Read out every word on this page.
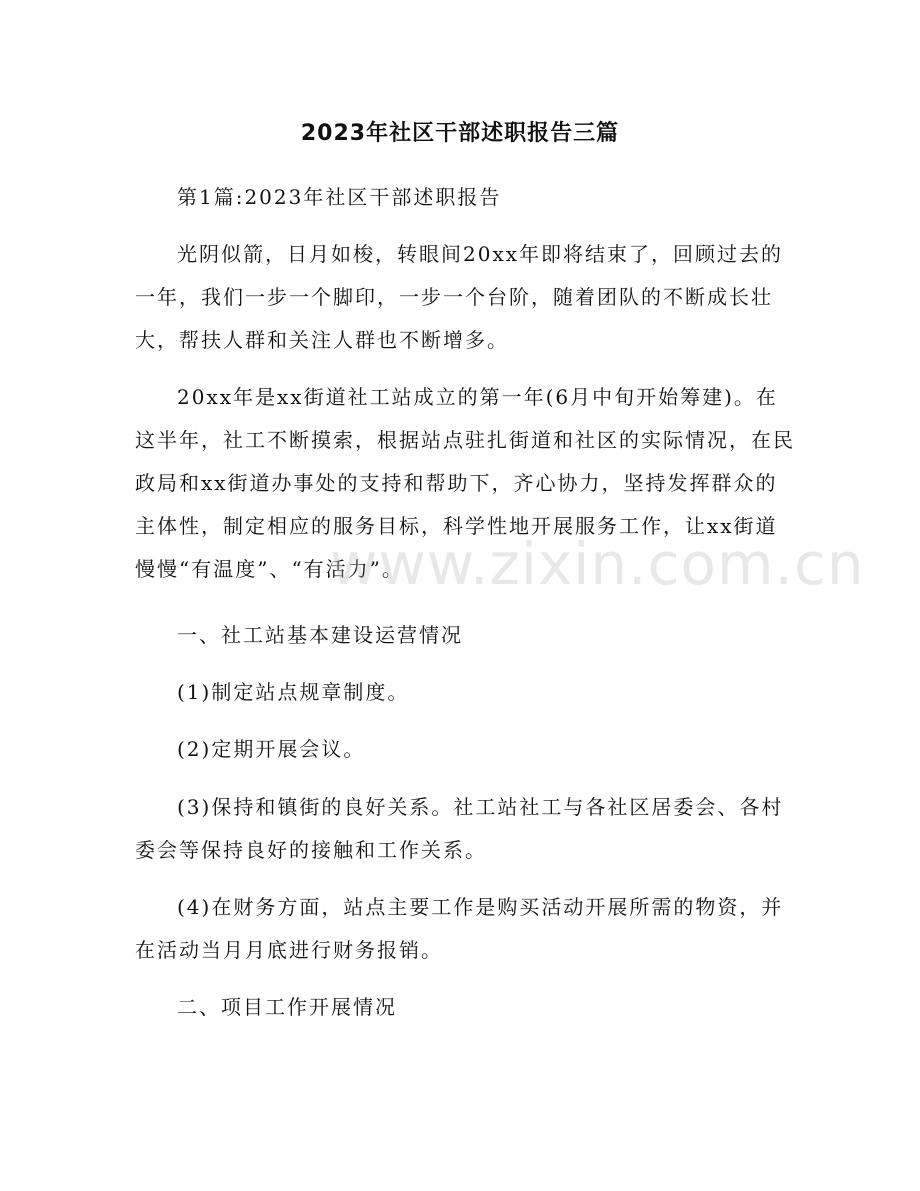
2023年社区干部述职报告三篇

第1篇:2023年社区干部述职报告

光阴似箭，日月如梭，转眼间20xx年即将结束了，回顾过去的一年，我们一步一个脚印，一步一个台阶，随着团队的不断成长壮大，帮扶人群和关注人群也不断增多。

20xx年是xx街道社工站成立的第一年(6月中旬开始筹建)。在这半年，社工不断摸索，根据站点驻扎街道和社区的实际情况，在民政局和xx街道办事处的支持和帮助下，齐心协力，坚持发挥群众的主体性，制定相应的服务目标，科学性地开展服务工作，让xx街道慢慢“有温度”、“有活力”。

一、社工站基本建设运营情况

(1)制定站点规章制度。

(2)定期开展会议。

(3)保持和镇街的良好关系。社工站社工与各社区居委会、各村委会等保持良好的接触和工作关系。

(4)在财务方面，站点主要工作是购买活动开展所需的物资，并在活动当月月底进行财务报销。

二、项目工作开展情况

www.zixin.com.cn
